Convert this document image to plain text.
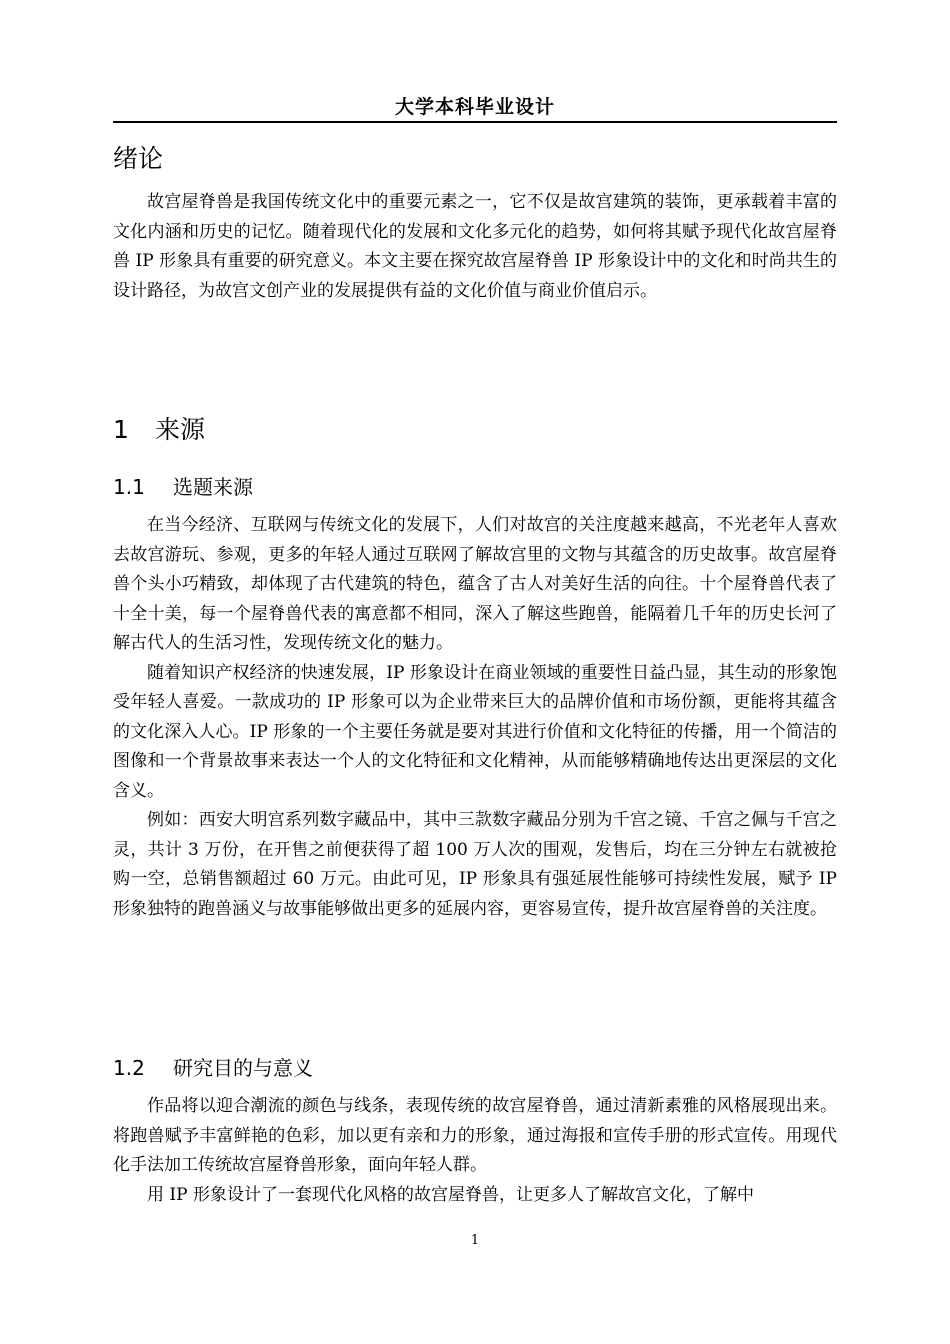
大学本科毕业设计
绪论

故宫屋脊兽是我国传统文化中的重要元素之一，它不仅是故宫建筑的装饰，更承载着丰富的文化内涵和历史的记忆。随着现代化的发展和文化多元化的趋势，如何将其赋予现代化故宫屋脊兽 IP 形象具有重要的研究意义。本文主要在探究故宫屋脊兽 IP 形象设计中的文化和时尚共生的设计路径，为故宫文创产业的发展提供有益的文化价值与商业价值启示。

1 来源
1.1 选题来源

在当今经济、互联网与传统文化的发展下，人们对故宫的关注度越来越高，不光老年人喜欢去故宫游玩、参观，更多的年轻人通过互联网了解故宫里的文物与其蕴含的历史故事。故宫屋脊兽个头小巧精致，却体现了古代建筑的特色，蕴含了古人对美好生活的向往。十个屋脊兽代表了十全十美，每一个屋脊兽代表的寓意都不相同，深入了解这些跑兽，能隔着几千年的历史长河了解古代人的生活习性，发现传统文化的魅力。

随着知识产权经济的快速发展，IP 形象设计在商业领域的重要性日益凸显，其生动的形象饱受年轻人喜爱。一款成功的 IP 形象可以为企业带来巨大的品牌价值和市场份额，更能将其蕴含的文化深入人心。IP 形象的一个主要任务就是要对其进行价值和文化特征的传播，用一个简洁的图像和一个背景故事来表达一个人的文化特征和文化精神，从而能够精确地传达出更深层的文化含义。

例如：西安大明宫系列数字藏品中，其中三款数字藏品分别为千宫之镜、千宫之佩与千宫之灵，共计 3 万份，在开售之前便获得了超 100 万人次的围观，发售后，均在三分钟左右就被抢购一空，总销售额超过 60 万元。由此可见，IP 形象具有强延展性能够可持续性发展，赋予 IP 形象独特的跑兽涵义与故事能够做出更多的延展内容，更容易宣传，提升故宫屋脊兽的关注度。

1.2 研究目的与意义

作品将以迎合潮流的颜色与线条，表现传统的故宫屋脊兽，通过清新素雅的风格展现出来。将跑兽赋予丰富鲜艳的色彩，加以更有亲和力的形象，通过海报和宣传手册的形式宣传。用现代化手法加工传统故宫屋脊兽形象，面向年轻人群。

用 IP 形象设计了一套现代化风格的故宫屋脊兽，让更多人了解故宫文化，了解中

1
